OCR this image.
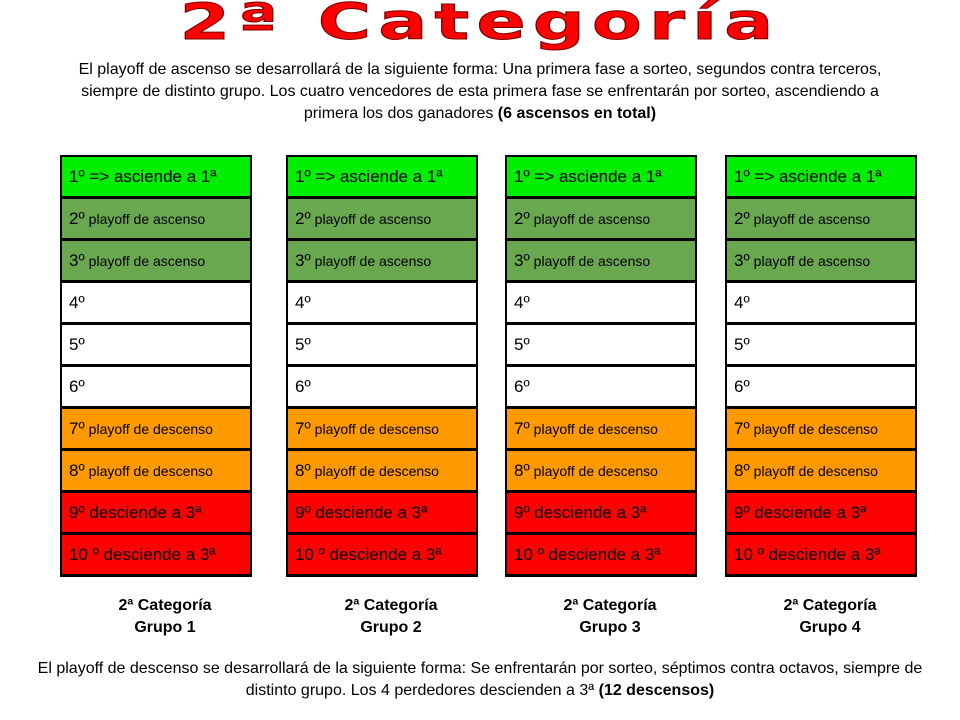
2ª Categoría
El playoff de ascenso se desarrollará de la siguiente forma: Una primera fase a sorteo, segundos contra terceros, siempre de distinto grupo. Los cuatro vencedores de esta primera fase se enfrentarán por sorteo, ascendiendo a primera los dos ganadores (6 ascensos en total)
1º => asciende a 1ª
2º playoff de ascenso
3º playoff de ascenso
4º
5º
6º
7º playoff de descenso
8º playoff de descenso
9º desciende a 3ª
10 º desciende a 3ª
1º => asciende a 1ª
2º playoff de ascenso
3º playoff de ascenso
4º
5º
6º
7º playoff de descenso
8º playoff de descenso
9º desciende a 3ª
10 º desciende a 3ª
1º => asciende a 1ª
2º playoff de ascenso
3º playoff de ascenso
4º
5º
6º
7º playoff de descenso
8º playoff de descenso
9º desciende a 3ª
10 º desciende a 3ª
1º => asciende a 1ª
2º playoff de ascenso
3º playoff de ascenso
4º
5º
6º
7º playoff de descenso
8º playoff de descenso
9º desciende a 3ª
10 º desciende a 3ª
2ª Categoría
Grupo 1
2ª Categoría
Grupo 2
2ª Categoría
Grupo 3
2ª Categoría
Grupo 4
El playoff de descenso se desarrollará de la siguiente forma: Se enfrentarán por sorteo, séptimos contra octavos, siempre de distinto grupo. Los 4 perdedores descienden a 3ª (12 descensos)
